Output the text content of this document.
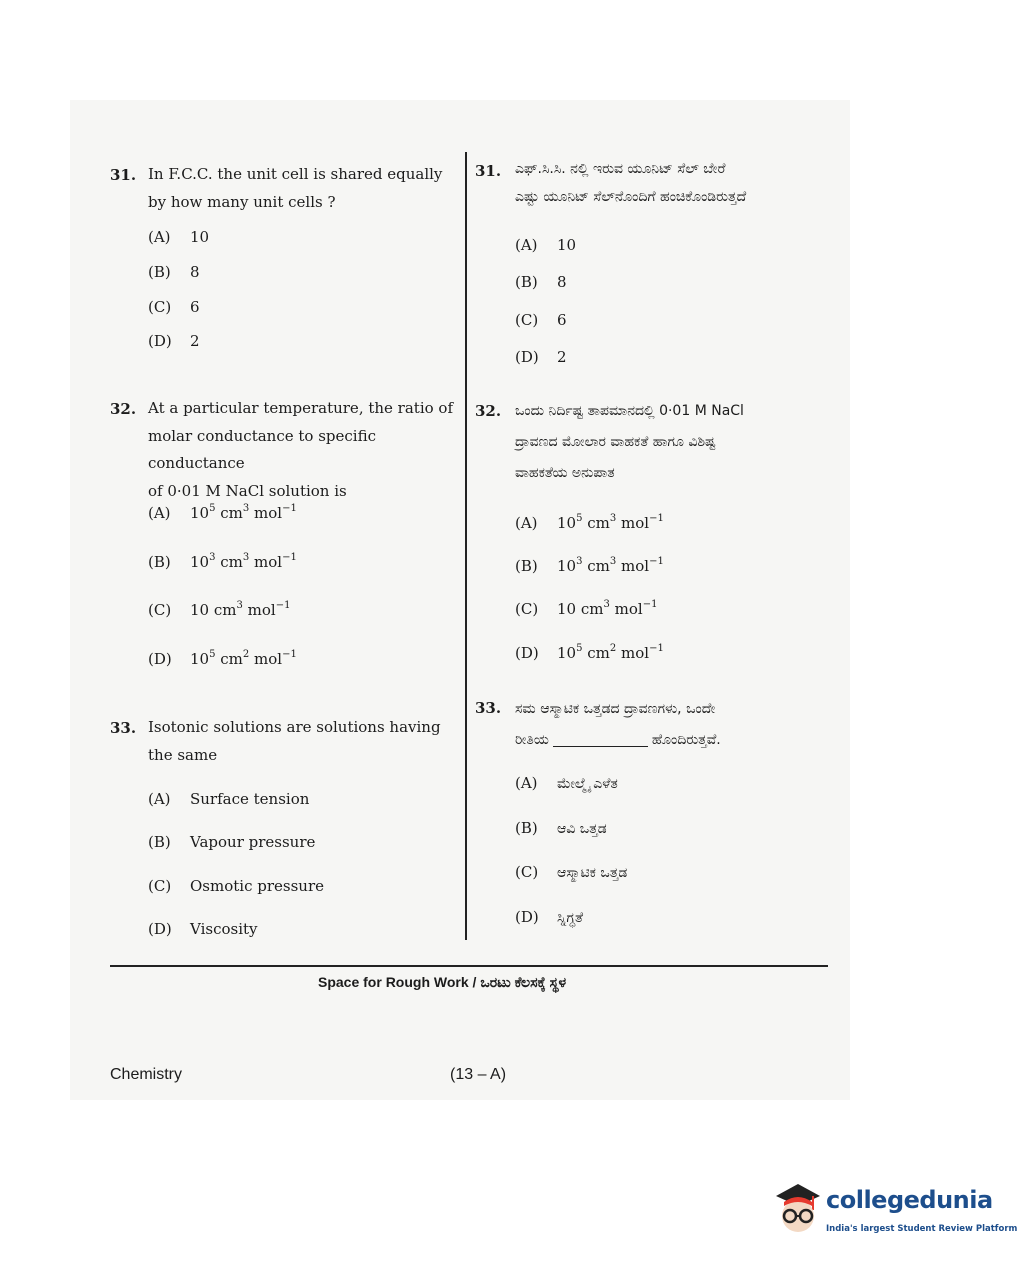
31. In F.C.C. the unit cell is shared equally
by how many unit cells ?
(A) 10
(B) 8
(C) 6
(D) 2
32. At a particular temperature, the ratio of
molar conductance to specific conductance
of 0·01 M NaCl solution is
(A) $10^5$ $cm^3$ mol$^{-1}$
(B) $10^3$ $cm^3$ mol$^{-1}$
(C) 10 $cm^3$ mol$^{-1}$
(D) $10^5$ $cm^2$ mol$^{-1}$
33. Isotonic solutions are solutions having
the same
(A) Surface tension
(B) Vapour pressure
(C) Osmotic pressure
(D) Viscosity
31. ಎಫ್.ಸಿ.ಸಿ. ನಲ್ಲಿ ಇರುವ ಯೂನಿಟ್ ಸೆಲ್ ಬೇರೆ
ಎಷ್ಟು ಯೂನಿಟ್ ಸೆಲ್‌ನೊಂದಿಗೆ ಹಂಚಿಕೊಂಡಿರುತ್ತದೆ
(A) 10
(B) 8
(C) 6
(D) 2
32. ಒಂದು ನಿರ್ದಿಷ್ಟ ತಾಪಮಾನದಲ್ಲಿ 0·01 M NaCl
ದ್ರಾವಣದ ಮೋಲಾರ ವಾಹಕತೆ ಹಾಗೂ ವಿಶಿಷ್ಟ
ವಾಹಕತೆಯ ಅನುಪಾತ
(A) $10^5$ $cm^3$ mol$^{-1}$
(B) $10^3$ $cm^3$ mol$^{-1}$
(C) 10 $cm^3$ mol$^{-1}$
(D) $10^5$ $cm^2$ mol$^{-1}$
33. ಸಮ ಆಸ್ಮಾಟಿಕ ಒತ್ತಡದ ದ್ರಾವಣಗಳು, ಒಂದೇ
ರೀತಿಯ	ಹೊಂದಿರುತ್ತವೆ.
(A) ಮೇಲ್ಮೈ ಎಳೆತ
(B) ಆವಿ ಒತ್ತಡ
(C) ಆಸ್ಮಾಟಿಕ ಒತ್ತಡ
(D) ಸ್ನಿಗ್ಧತೆ
Space for Rough Work / ಒರಟು ಕೆಲಸಕ್ಕೆ ಸ್ಥಳ
Chemistry	(13 – A)
collegedunia
India's largest Student Review Platform
